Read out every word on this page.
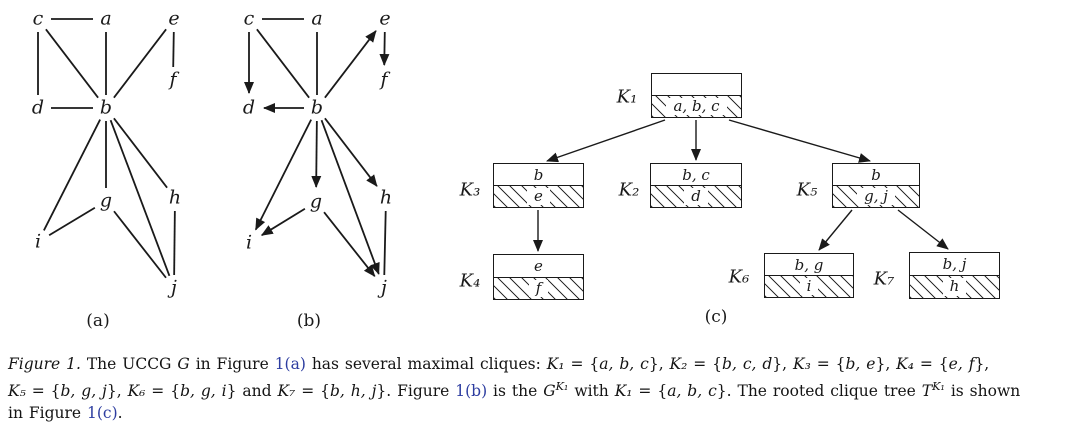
(a)	(b)	(c)
Figure 1. The UCCG G in Figure 1(a) has several maximal cliques: K₁ = {a, b, c}, K₂ = {b, c, d}, K₃ = {b, e}, K₄ = {e, f},
K₅ = {b, g, j}, K₆ = {b, g, i} and K₇ = {b, h, j}. Figure 1(b) is the $G^{K_1}$ with K₁ = {a, b, c}. The rooted clique tree $T^{K_1}$ is shown
in Figure 1(c).
c	a	e
f
d	b
g	h
i
j
c	a	e
f
d	b
g	h
i
j
a, b, c
K₁
b
e
K₃
b, c
d
K₂
b
g, j
K₅
e
f
K₄
b, g
i
K₆
b, j
h
K₇
